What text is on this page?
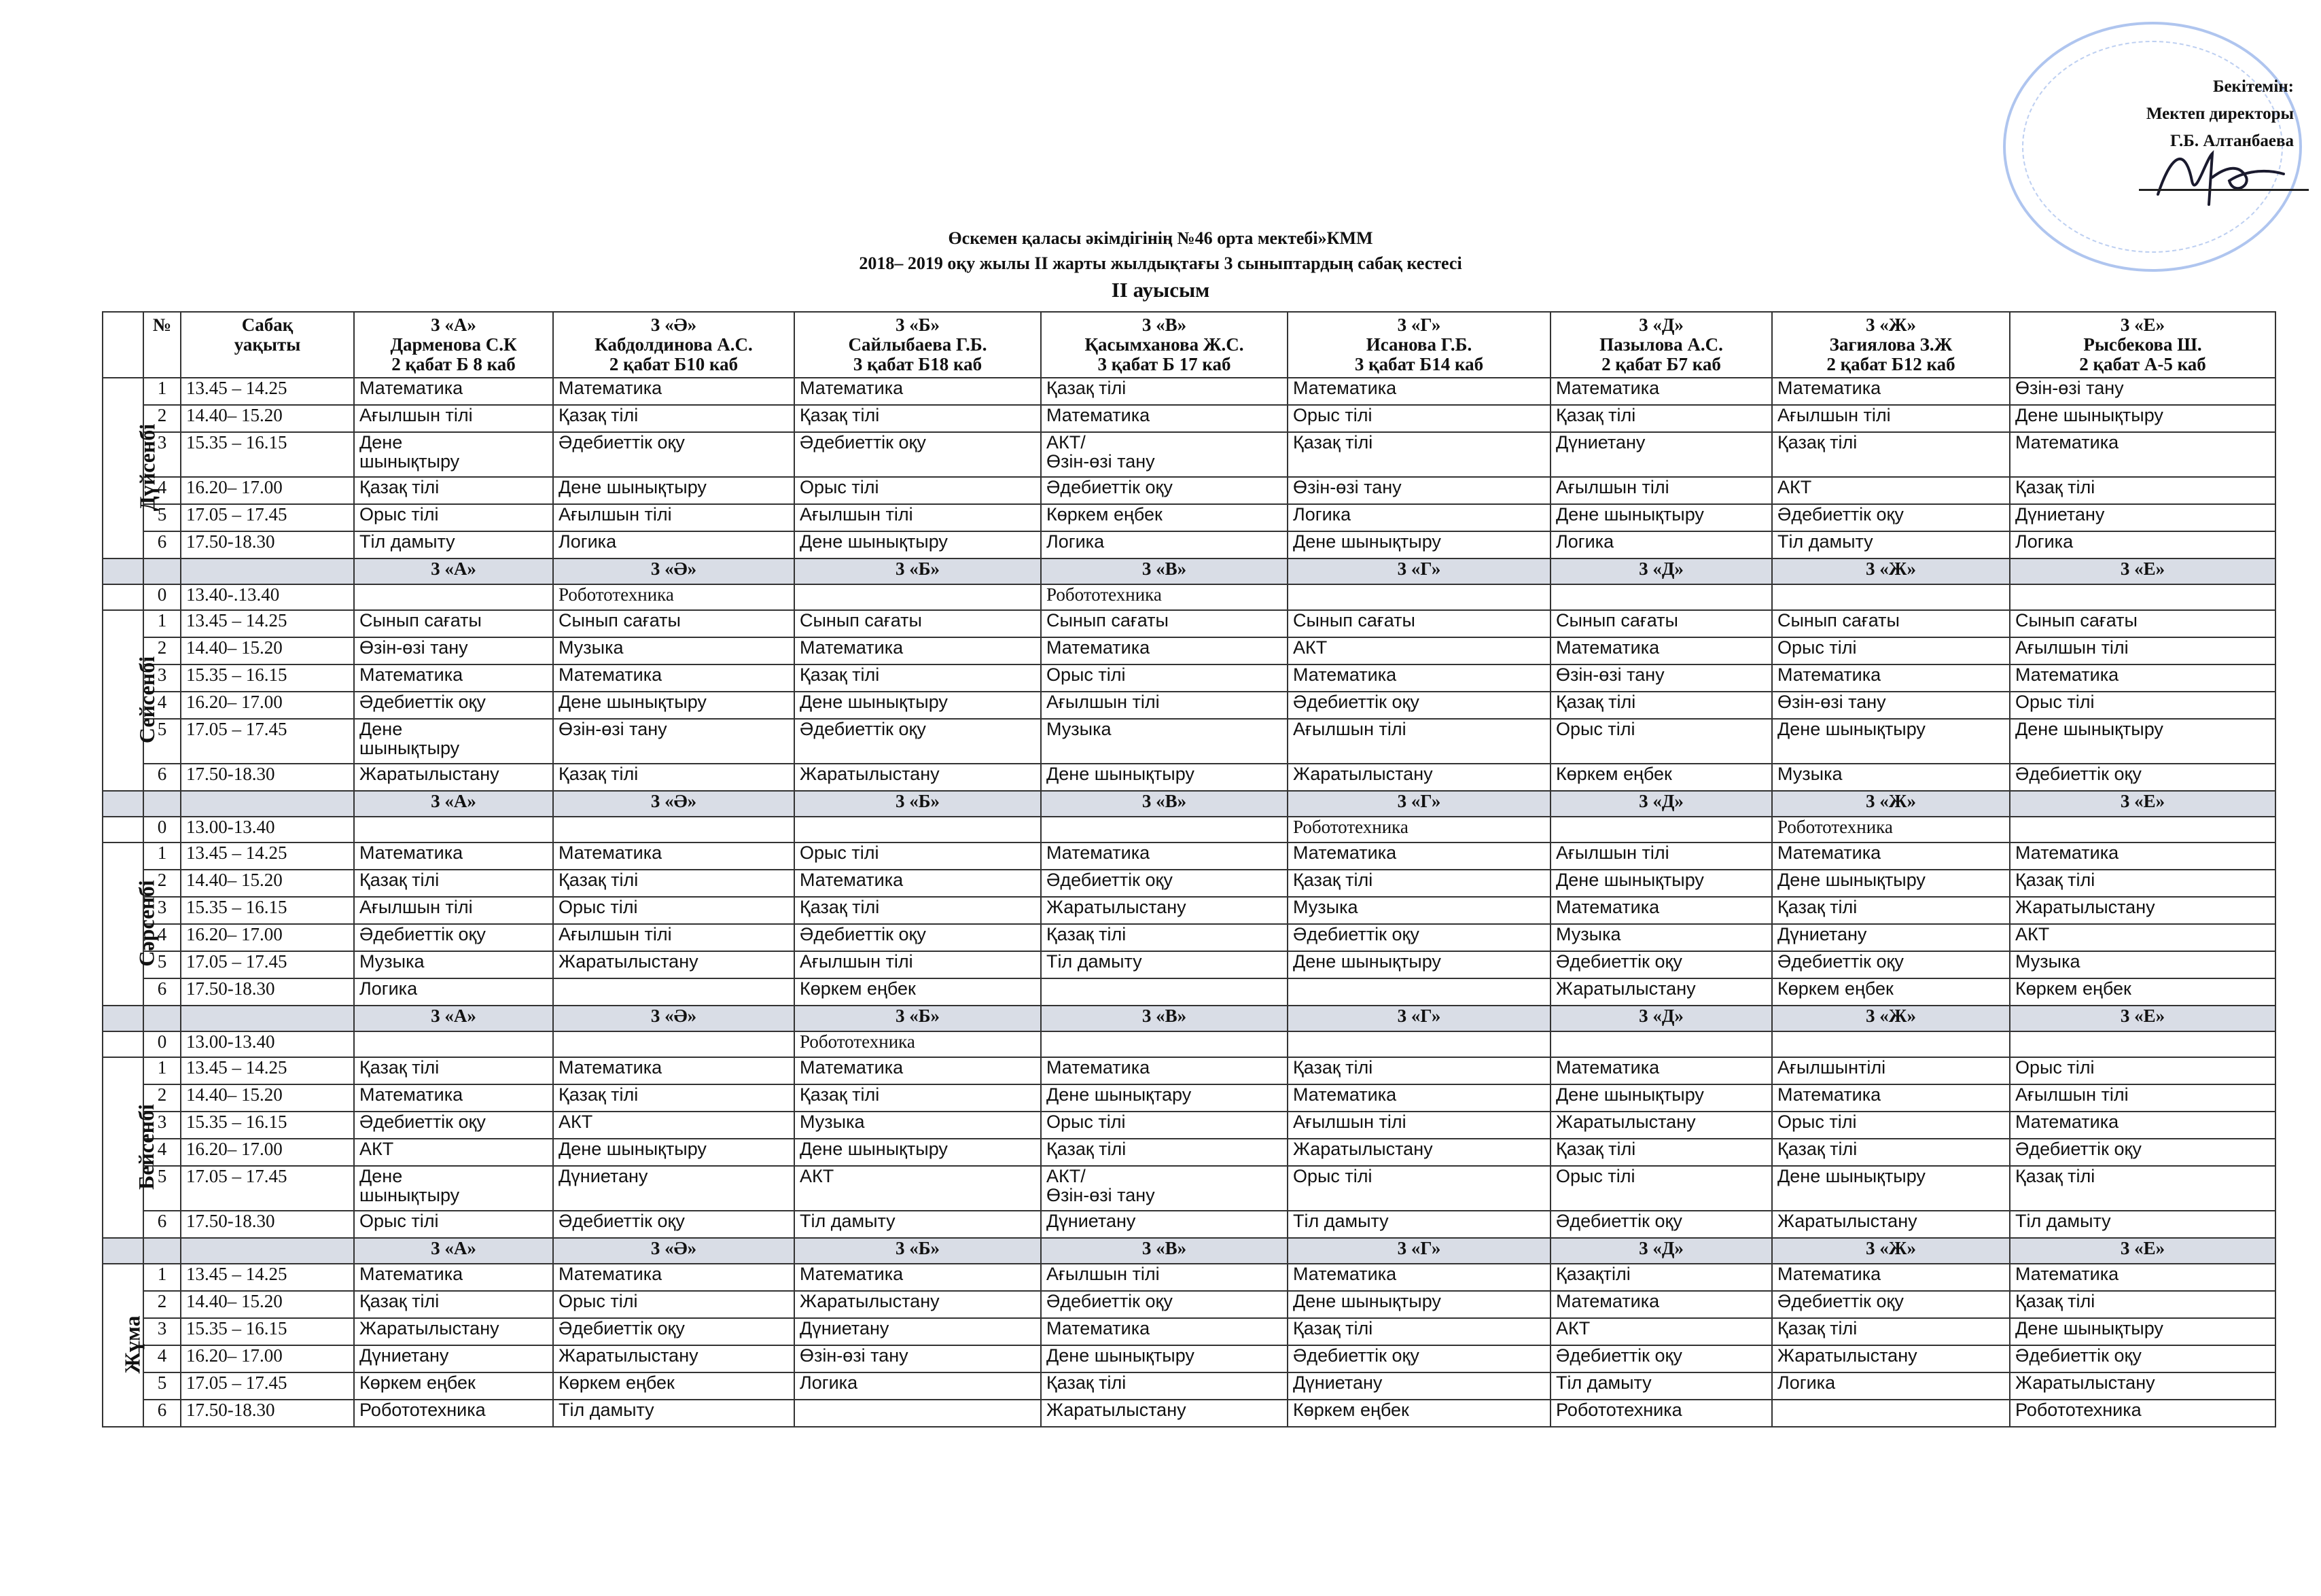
Бекітемін:
Мектеп директоры
Г.Б. Алтанбаева
Өскемен қаласы әкімдігінің №46 орта мектебі»КММ
2018– 2019 оқу жылы ІІ жарты жылдықтағы 3 сыныптардың сабақ кестесі
ІІ ауысым
	№	Сабақ
уақыты	3 «А»
Дарменова С.К
2 қабат Б 8 каб	3 «Ә»
Кабдолдинова А.С.
2 қабат Б10 каб	3 «Б»
Сайлыбаева Г.Б.
3 қабат Б18 каб	3 «В»
Қасымханова Ж.С.
3 қабат Б 17 каб	3 «Г»
Исанова Г.Б.
3 қабат Б14 каб	3 «Д»
Пазылова А.С.
2 қабат Б7 каб	3 «Ж»
Загиялова З.Ж
2 қабат Б12 каб	3 «Е»
Рысбекова Ш.
2 қабат А-5 каб
Дүйсенбі	1	13.45 – 14.25	Математика	Математика	Математика	Қазақ тілі	Математика	Математика	Математика	Өзін-өзі тану
	2	14.40– 15.20	Ағылшын тілі	Қазақ тілі	Қазақ тілі	Математика	Орыс тілі	Қазақ тілі	Ағылшын тілі	Дене шынықтыру
	3	15.35 – 16.15	Дене
шынықтыру	Әдебиеттік оқу	Әдебиеттік оқу	АКТ/
Өзін-өзі тану	Қазақ тілі	Дүниетану	Қазақ тілі	Математика
	4	16.20– 17.00	Қазақ тілі	Дене шынықтыру	Орыс тілі	Әдебиеттік оқу	Өзін-өзі тану	Ағылшын тілі	АКТ	Қазақ тілі
	5	17.05 – 17.45	Орыс тілі	Ағылшын тілі	Ағылшын тілі	Көркем еңбек	Логика	Дене шынықтыру	Әдебиеттік оқу	Дүниетану
	6	17.50-18.30	Тіл дамыту	Логика	Дене шынықтыру	Логика	Дене шынықтыру	Логика	Тіл дамыту	Логика
			3 «А»	3 «Ә»	3 «Б»	3 «В»	3 «Г»	3 «Д»	3 «Ж»	3 «Е»
	0	13.40-.13.40		Робототехника		Робототехника				
Сейсенбі	1	13.45 – 14.25	Сынып сағаты	Сынып сағаты	Сынып сағаты	Сынып сағаты	Сынып сағаты	Сынып сағаты	Сынып сағаты	Сынып сағаты
	2	14.40– 15.20	Өзін-өзі тану	Музыка	Математика	Математика	АКТ	Математика	Орыс тілі	Ағылшын тілі
	3	15.35 – 16.15	Математика	Математика	Қазақ тілі	Орыс тілі	Математика	Өзін-өзі тану	Математика	Математика
	4	16.20– 17.00	Әдебиеттік оқу	Дене шынықтыру	Дене шынықтыру	Ағылшын тілі	Әдебиеттік оқу	Қазақ тілі	Өзін-өзі тану	Орыс тілі
	5	17.05 – 17.45	Дене
шынықтыру	Өзін-өзі тану	Әдебиеттік оқу	Музыка	Ағылшын тілі	Орыс тілі	Дене шынықтыру	Дене шынықтыру
	6	17.50-18.30	Жаратылыстану	Қазақ тілі	Жаратылыстану	Дене шынықтыру	Жаратылыстану	Көркем еңбек	Музыка	Әдебиеттік оқу
			3 «А»	3 «Ә»	3 «Б»	3 «В»	3 «Г»	3 «Д»	3 «Ж»	3 «Е»
	0	13.00-13.40					Робототехника		Робототехника	
Сәрсенбі	1	13.45 – 14.25	Математика	Математика	Орыс тілі	Математика	Математика	Ағылшын тілі	Математика	Математика
	2	14.40– 15.20	Қазақ тілі	Қазақ тілі	Математика	Әдебиеттік оқу	Қазақ тілі	Дене шынықтыру	Дене шынықтыру	Қазақ тілі
	3	15.35 – 16.15	Ағылшын тілі	Орыс тілі	Қазақ тілі	Жаратылыстану	Музыка	Математика	Қазақ тілі	Жаратылыстану
	4	16.20– 17.00	Әдебиеттік оқу	Ағылшын тілі	Әдебиеттік оқу	Қазақ тілі	Әдебиеттік оқу	Музыка	Дүниетану	АКТ
	5	17.05 – 17.45	Музыка	Жаратылыстану	Ағылшын тілі	Тіл дамыту	Дене шынықтыру	Әдебиеттік оқу	Әдебиеттік оқу	Музыка
	6	17.50-18.30	Логика		Көркем еңбек			Жаратылыстану	Көркем еңбек	Көркем еңбек
			3 «А»	3 «Ә»	3 «Б»	3 «В»	3 «Г»	3 «Д»	3 «Ж»	3 «Е»
	0	13.00-13.40			Робототехника					
Бейсенбі	1	13.45 – 14.25	Қазақ тілі	Математика	Математика	Математика	Қазақ тілі	Математика	Ағылшынтілі	Орыс тілі
	2	14.40– 15.20	Математика	Қазақ тілі	Қазақ тілі	Дене шынықтару	Математика	Дене шынықтыру	Математика	Ағылшын тілі
	3	15.35 – 16.15	Әдебиеттік оқу	АКТ	Музыка	Орыс тілі	Ағылшын тілі	Жаратылыстану	Орыс тілі	Математика
	4	16.20– 17.00	АКТ	Дене шынықтыру	Дене шынықтыру	Қазақ тілі	Жаратылыстану	Қазақ тілі	Қазақ тілі	Әдебиеттік оқу
	5	17.05 – 17.45	Дене
шынықтыру	Дүниетану	АКТ	АКТ/
Өзін-өзі тану	Орыс тілі	Орыс тілі	Дене шынықтыру	Қазақ тілі
	6	17.50-18.30	Орыс тілі	Әдебиеттік оқу	Тіл дамыту	Дүниетану	Тіл дамыту	Әдебиеттік оқу	Жаратылыстану	Тіл дамыту
			3 «А»	3 «Ә»	3 «Б»	3 «В»	3 «Г»	3 «Д»	3 «Ж»	3 «Е»
Жұма	1	13.45 – 14.25	Математика	Математика	Математика	Ағылшын тілі	Математика	Қазақтілі	Математика	Математика
	2	14.40– 15.20	Қазақ тілі	Орыс тілі	Жаратылыстану	Әдебиеттік оқу	Дене шынықтыру	Математика	Әдебиеттік оқу	Қазақ тілі
	3	15.35 – 16.15	Жаратылыстану	Әдебиеттік оқу	Дүниетану	Математика	Қазақ тілі	АКТ	Қазақ тілі	Дене шынықтыру
	4	16.20– 17.00	Дүниетану	Жаратылыстану	Өзін-өзі тану	Дене шынықтыру	Әдебиеттік оқу	Әдебиеттік оқу	Жаратылыстану	Әдебиеттік оқу
	5	17.05 – 17.45	Көркем еңбек	Көркем еңбек	Логика	Қазақ тілі	Дүниетану	Тіл дамыту	Логика	Жаратылыстану
	6	17.50-18.30	Робототехника	Тіл дамыту		Жаратылыстану	Көркем еңбек	Робототехника		Робототехника
